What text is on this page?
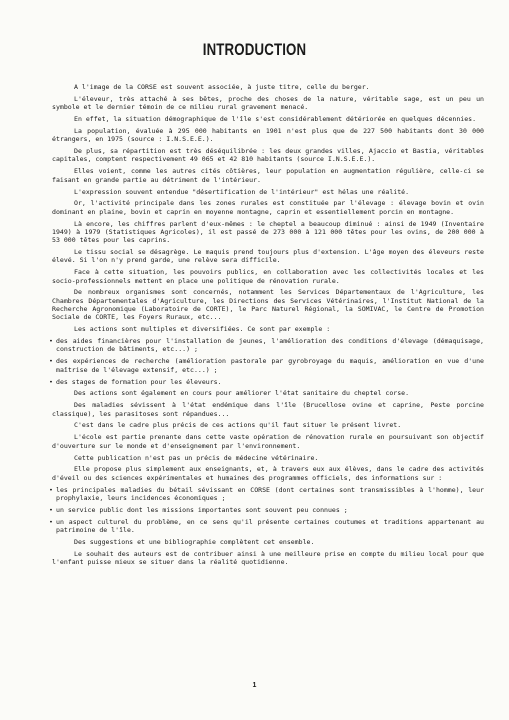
INTRODUCTION

A l'image de la CORSE est souvent associée, à juste titre, celle du berger.

L'éleveur, très attaché à ses bêtes, proche des choses de la nature, véritable sage, est un peu un symbole et le dernier témoin de ce milieu rural gravement menacé.

En effet, la situation démographique de l'île s'est considérablement détériorée en quelques décennies.

La population, évaluée à 295 000 habitants en 1901 n'est plus que de 227 500 habitants dont 30 000 étrangers, en 1975 (source : I.N.S.E.E.).

De plus, sa répartition est très déséquilibrée : les deux grandes villes, Ajaccio et Bastia, véritables capitales, comptent respectivement 49 065 et 42 810 habitants (source I.N.S.E.E.).

Elles voient, comme les autres cités côtières, leur population en augmentation régulière, celle-ci se faisant en grande partie au détriment de l'intérieur.

L'expression souvent entendue "désertification de l'intérieur" est hélas une réalité.

Or, l'activité principale dans les zones rurales est constituée par l'élevage : élevage bovin et ovin dominant en plaine, bovin et caprin en moyenne montagne, caprin et essentiellement porcin en montagne.

Là encore, les chiffres parlent d'eux-mêmes : le cheptel a beaucoup diminué : ainsi de 1949 (Inventaire 1949) à 1979 (Statistiques Agricoles), il est passé de 273 000 à 121 000 têtes pour les ovins, de 200 000 à 53 000 têtes pour les caprins.

Le tissu social se désagrège. Le maquis prend toujours plus d'extension. L'âge moyen des éleveurs reste élevé. Si l'on n'y prend garde, une relève sera difficile.

Face à cette situation, les pouvoirs publics, en collaboration avec les collectivités locales et les socio-professionnels mettent en place une politique de rénovation rurale.

De nombreux organismes sont concernés, notamment les Services Départementaux de l'Agriculture, les Chambres Départementales d'Agriculture, les Directions des Services Vétérinaires, l'Institut National de la Recherche Agronomique (Laboratoire de CORTE), le Parc Naturel Régional, la SOMIVAC, le Centre de Promotion Sociale de CORTE, les Foyers Ruraux, etc...

Les actions sont multiples et diversifiées. Ce sont par exemple :

• des aides financières pour l'installation de jeunes, l'amélioration des conditions d'élevage (démaquisage, construction de bâtiments, etc...) ;

• des expériences de recherche (amélioration pastorale par gyrobroyage du maquis, amélioration en vue d'une maîtrise de l'élevage extensif, etc...) ;

• des stages de formation pour les éleveurs.

Des actions sont également en cours pour améliorer l'état sanitaire du cheptel corse.

Des maladies sévissent à l'état endémique dans l'île (Brucellose ovine et caprine, Peste porcine classique), les parasitoses sont répandues...

C'est dans le cadre plus précis de ces actions qu'il faut situer le présent livret.

L'école est partie prenante dans cette vaste opération de rénovation rurale en poursuivant son objectif d'ouverture sur le monde et d'enseignement par l'environnement.

Cette publication n'est pas un précis de médecine vétérinaire.

Elle propose plus simplement aux enseignants, et, à travers eux aux élèves, dans le cadre des activités d'éveil ou des sciences expérimentales et humaines des programmes officiels, des informations sur :

• les principales maladies du bétail sévissant en CORSE (dont certaines sont transmissibles à l'homme), leur prophylaxie, leurs incidences économiques ;

• un service public dont les missions importantes sont souvent peu connues ;

• un aspect culturel du problème, en ce sens qu'il présente certaines coutumes et traditions appartenant au patrimoine de l'île.

Des suggestions et une bibliographie complètent cet ensemble.

Le souhait des auteurs est de contribuer ainsi à une meilleure prise en compte du milieu local pour que l'enfant puisse mieux se situer dans la réalité quotidienne.

1
